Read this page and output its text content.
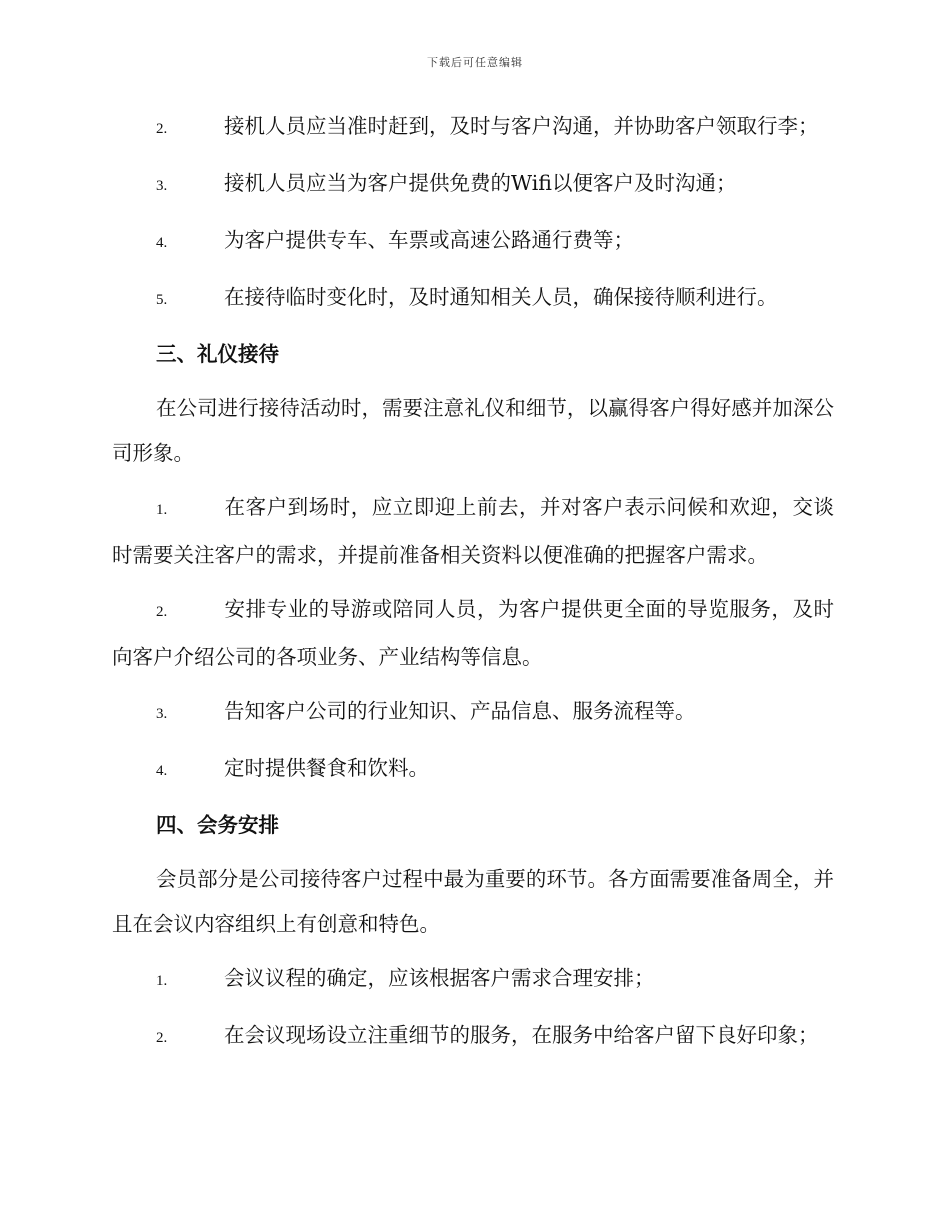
下载后可任意编辑

2.	接机人员应当准时赶到，及时与客户沟通，并协助客户领取行李；

3.	接机人员应当为客户提供免费的Wifi以便客户及时沟通；

4.	为客户提供专车、车票或高速公路通行费等；

5.	在接待临时变化时，及时通知相关人员，确保接待顺利进行。

三、礼仪接待

在公司进行接待活动时，需要注意礼仪和细节，以赢得客户得好感并加深公司形象。

1.	在客户到场时，应立即迎上前去，并对客户表示问候和欢迎，交谈时需要关注客户的需求，并提前准备相关资料以便准确的把握客户需求。

2.	安排专业的导游或陪同人员，为客户提供更全面的导览服务，及时向客户介绍公司的各项业务、产业结构等信息。

3.	告知客户公司的行业知识、产品信息、服务流程等。

4.	定时提供餐食和饮料。

四、会务安排

会员部分是公司接待客户过程中最为重要的环节。各方面需要准备周全，并且在会议内容组织上有创意和特色。

1.	会议议程的确定，应该根据客户需求合理安排；

2.	在会议现场设立注重细节的服务，在服务中给客户留下良好印象；
